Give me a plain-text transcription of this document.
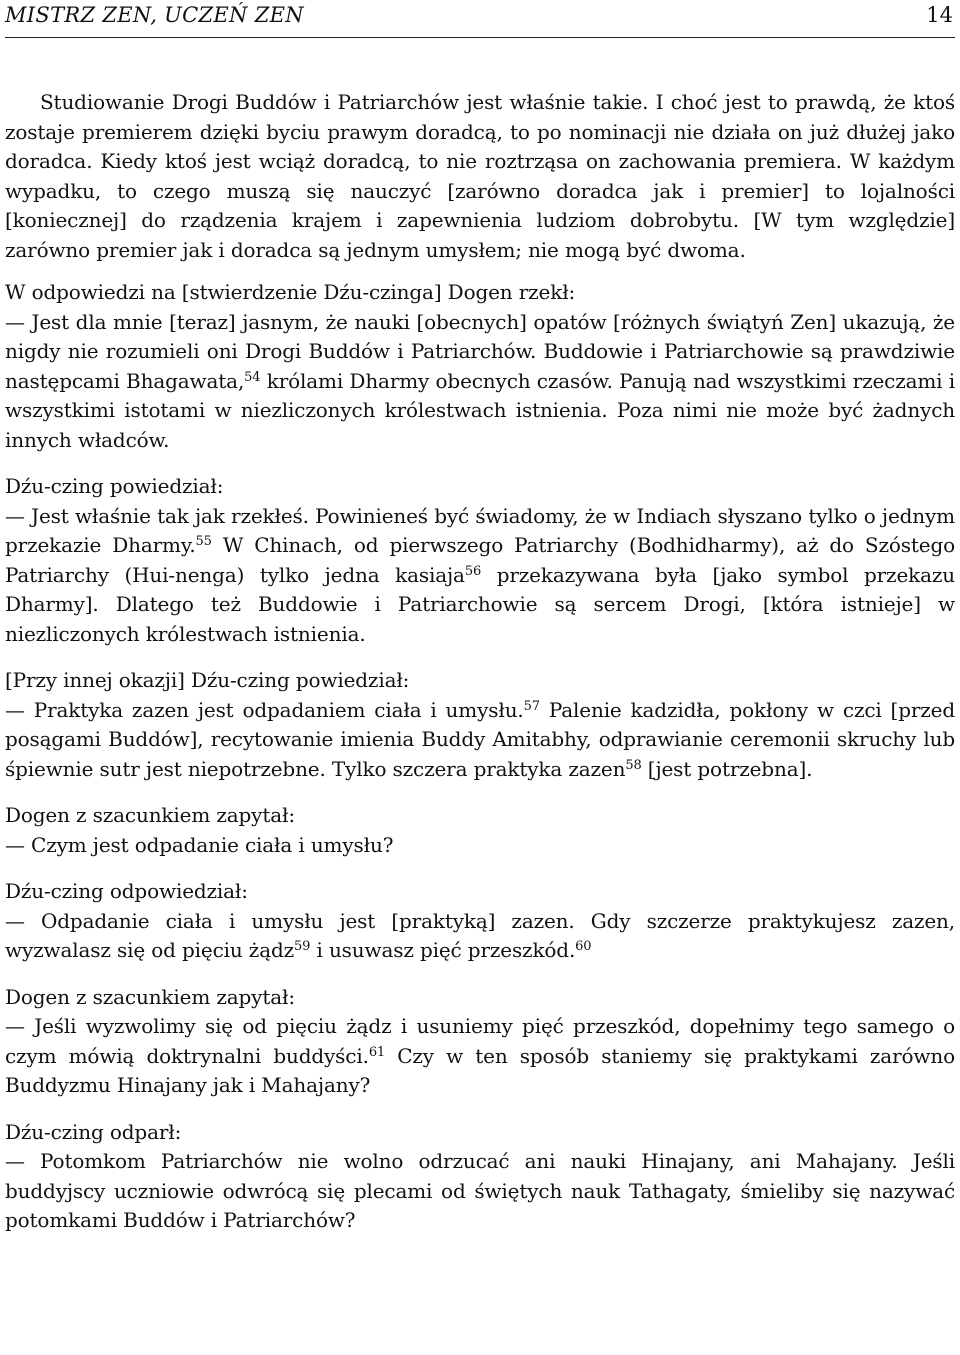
MISTRZ ZEN, UCZEŃ ZEN	14

Studiowanie Drogi Buddów i Patriarchów jest właśnie takie. I choć jest to prawdą, że ktoś zostaje premierem dzięki byciu prawym doradcą, to po nominacji nie działa on już dłużej jako doradca. Kiedy ktoś jest wciąż doradcą, to nie roztrząsa on zachowania premiera. W każdym wypadku, to czego muszą się nauczyć [zarówno doradca jak i premier] to lojalności [koniecznej] do rządzenia krajem i zapewnienia ludziom dobrobytu. [W tym względzie] zarówno premier jak i doradca są jednym umysłem; nie mogą być dwoma.

W odpowiedzi na [stwierdzenie Dźu-czinga] Dogen rzekł:

— Jest dla mnie [teraz] jasnym, że nauki [obecnych] opatów [różnych świątyń Zen] ukazują, że nigdy nie rozumieli oni Drogi Buddów i Patriarchów. Buddowie i Patriarchowie są prawdziwie następcami Bhagawata,$^{54}$ królami Dharmy obecnych czasów. Panują nad wszystkimi rzeczami i wszystkimi istotami w niezliczonych królestwach istnienia. Poza nimi nie może być żadnych innych władców.

Dźu-czing powiedział:

— Jest właśnie tak jak rzekłeś. Powinieneś być świadomy, że w Indiach słyszano tylko o jednym przekazie Dharmy.$^{55}$ W Chinach, od pierwszego Patriarchy (Bodhidharmy), aż do Szóstego Patriarchy (Hui-nenga) tylko jedna kasiaja$^{56}$ przekazywana była [jako symbol przekazu Dharmy]. Dlatego też Buddowie i Patriarchowie są sercem Drogi, [która istnieje] w niezliczonych królestwach istnienia.

[Przy innej okazji] Dźu-czing powiedział:

— Praktyka zazen jest odpadaniem ciała i umysłu.$^{57}$ Palenie kadzidła, pokłony w czci [przed posągami Buddów], recytowanie imienia Buddy Amitabhy, odprawianie ceremonii skruchy lub śpiewnie sutr jest niepotrzebne. Tylko szczera praktyka zazen$^{58}$ [jest potrzebna].

Dogen z szacunkiem zapytał:

— Czym jest odpadanie ciała i umysłu?

Dźu-czing odpowiedział:

— Odpadanie ciała i umysłu jest [praktyką] zazen. Gdy szczerze praktykujesz zazen, wyzwalasz się od pięciu żądz$^{59}$ i usuwasz pięć przeszkód.$^{60}$

Dogen z szacunkiem zapytał:

— Jeśli wyzwolimy się od pięciu żądz i usuniemy pięć przeszkód, dopełnimy tego samego o czym mówią doktrynalni buddyści.$^{61}$ Czy w ten sposób staniemy się praktykami zarówno Buddyzmu Hinajany jak i Mahajany?

Dźu-czing odparł:

— Potomkom Patriarchów nie wolno odrzucać ani nauki Hinajany, ani Mahajany. Jeśli buddyjscy uczniowie odwrócą się plecami od świętych nauk Tathagaty, śmieliby się nazywać potomkami Buddów i Patriarchów?
